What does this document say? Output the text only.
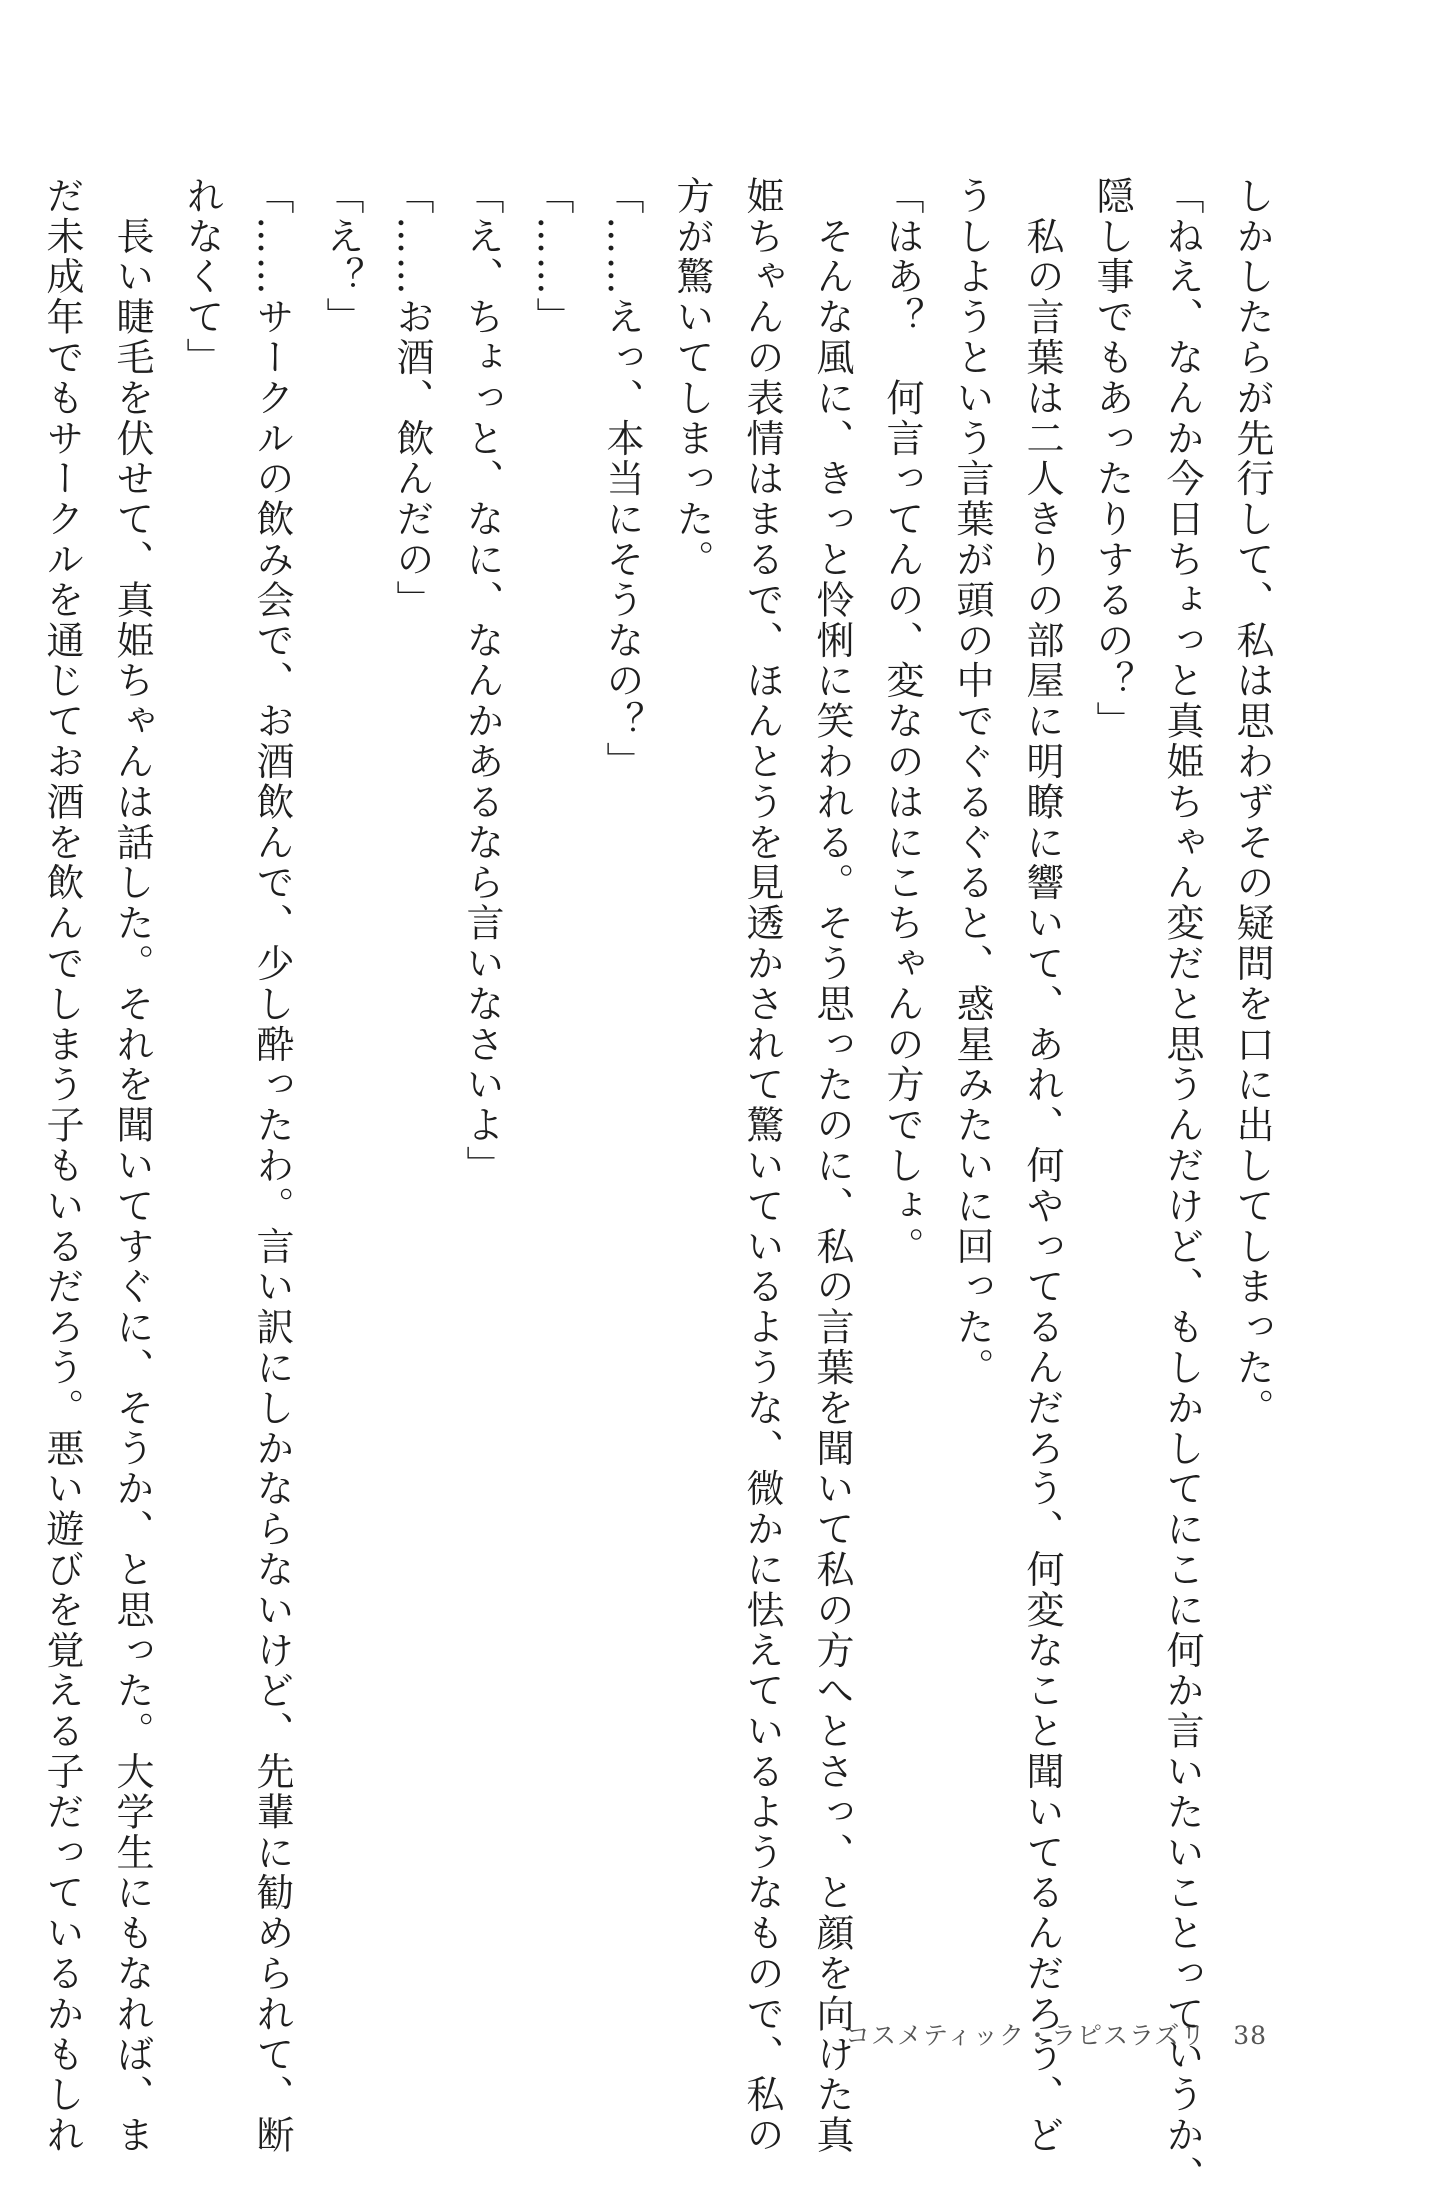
しかしたらが先行して、私は思わずその疑問を口に出してしまった。
「ねえ、なんか今日ちょっと真姫ちゃん変だと思うんだけど、もしかしてにこに何か言いたいことっていうか、
隠し事でもあったりするの？」
　私の言葉は二人きりの部屋に明瞭に響いて、あれ、何やってるんだろう、何変なこと聞いてるんだろう、ど
うしようという言葉が頭の中でぐるぐると、惑星みたいに回った。
「はあ？　何言ってんの、変なのはにこちゃんの方でしょ。
　そんな風に、きっと怜悧に笑われる。そう思ったのに、私の言葉を聞いて私の方へとさっ、と顔を向けた真
姫ちゃんの表情はまるで、ほんとうを見透かされて驚いているような、微かに怯えているようなもので、私の
方が驚いてしまった。
「……えっ、本当にそうなの？」
「……」
「え、ちょっと、なに、なんかあるなら言いなさいよ」
「……お酒、飲んだの」
「え？」
「……サークルの飲み会で、お酒飲んで、少し酔ったわ。言い訳にしかならないけど、先輩に勧められて、断
れなくて」
　長い睫毛を伏せて、真姫ちゃんは話した。それを聞いてすぐに、そうか、と思った。大学生にもなれば、ま
だ未成年でもサークルを通じてお酒を飲んでしまう子もいるだろう。悪い遊びを覚える子だっているかもしれ	コスメティック・ラピスラズリ 38
